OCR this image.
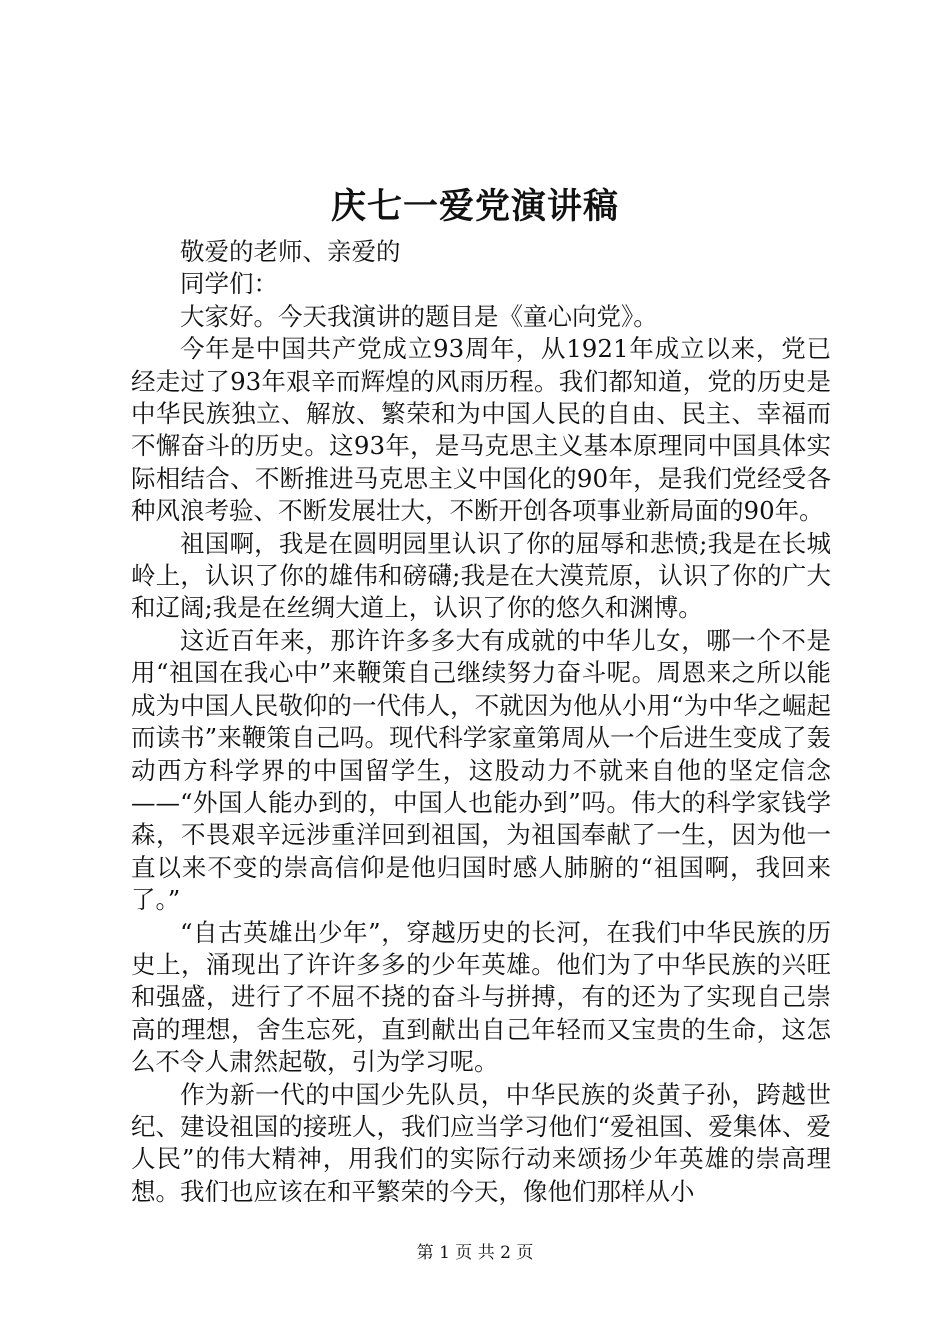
庆七一爱党演讲稿

敬爱的老师、亲爱的

同学们：

大家好。今天我演讲的题目是《童心向党》。

今年是中国共产党成立93周年，从1921年成立以来，党已经走过了93年艰辛而辉煌的风雨历程。我们都知道，党的历史是中华民族独立、解放、繁荣和为中国人民的自由、民主、幸福而不懈奋斗的历史。这93年，是马克思主义基本原理同中国具体实际相结合、不断推进马克思主义中国化的90年，是我们党经受各种风浪考验、不断发展壮大，不断开创各项事业新局面的90年。

祖国啊，我是在圆明园里认识了你的屈辱和悲愤;我是在长城岭上，认识了你的雄伟和磅礴;我是在大漠荒原，认识了你的广大和辽阔;我是在丝绸大道上，认识了你的悠久和渊博。

这近百年来，那许许多多大有成就的中华儿女，哪一个不是用“祖国在我心中”来鞭策自己继续努力奋斗呢。周恩来之所以能成为中国人民敬仰的一代伟人，不就因为他从小用“为中华之崛起而读书”来鞭策自己吗。现代科学家童第周从一个后进生变成了轰动西方科学界的中国留学生，这股动力不就来自他的坚定信念——“外国人能办到的，中国人也能办到”吗。伟大的科学家钱学森，不畏艰辛远涉重洋回到祖国，为祖国奉献了一生，因为他一直以来不变的崇高信仰是他归国时感人肺腑的“祖国啊，我回来了。”

“自古英雄出少年”，穿越历史的长河，在我们中华民族的历史上，涌现出了许许多多的少年英雄。他们为了中华民族的兴旺和强盛，进行了不屈不挠的奋斗与拼搏，有的还为了实现自己崇高的理想，舍生忘死，直到献出自己年轻而又宝贵的生命，这怎么不令人肃然起敬，引为学习呢。

作为新一代的中国少先队员，中华民族的炎黄子孙，跨越世纪、建设祖国的接班人，我们应当学习他们“爱祖国、爱集体、爱人民”的伟大精神，用我们的实际行动来颂扬少年英雄的崇高理想。我们也应该在和平繁荣的今天，像他们那样从小

第 1 页 共 2 页
